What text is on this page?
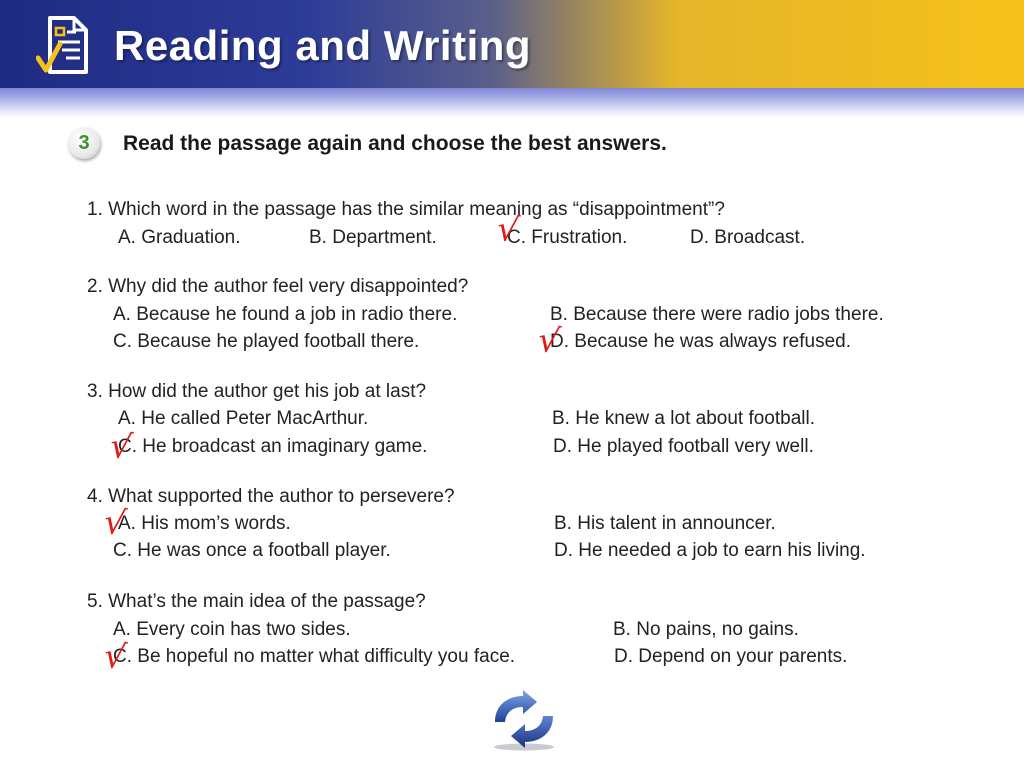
Reading and Writing
3	Read the passage again and choose the best answers.

1. Which word in the passage has the similar meaning as “disappointment”?
A. Graduation.	B. Department.	C. Frustration.	D. Broadcast.
√
2. Why did the author feel very disappointed?
A. Because he found a job in radio there.	B. Because there were radio jobs there.
C. Because he played football there.	D. Because he was always refused.
√
3. How did the author get his job at last?
A. He called Peter MacArthur.	B. He knew a lot about football.
C. He broadcast an imaginary game.	D. He played football very well.
√
4. What supported the author to persevere?
A. His mom’s words.	B. His talent in announcer.
C. He was once a football player.	D. He needed a job to earn his living.
√
5. What’s the main idea of the passage?
A. Every coin has two sides.	B. No pains, no gains.
C. Be hopeful no matter what difficulty you face.	D. Depend on your parents.
√
